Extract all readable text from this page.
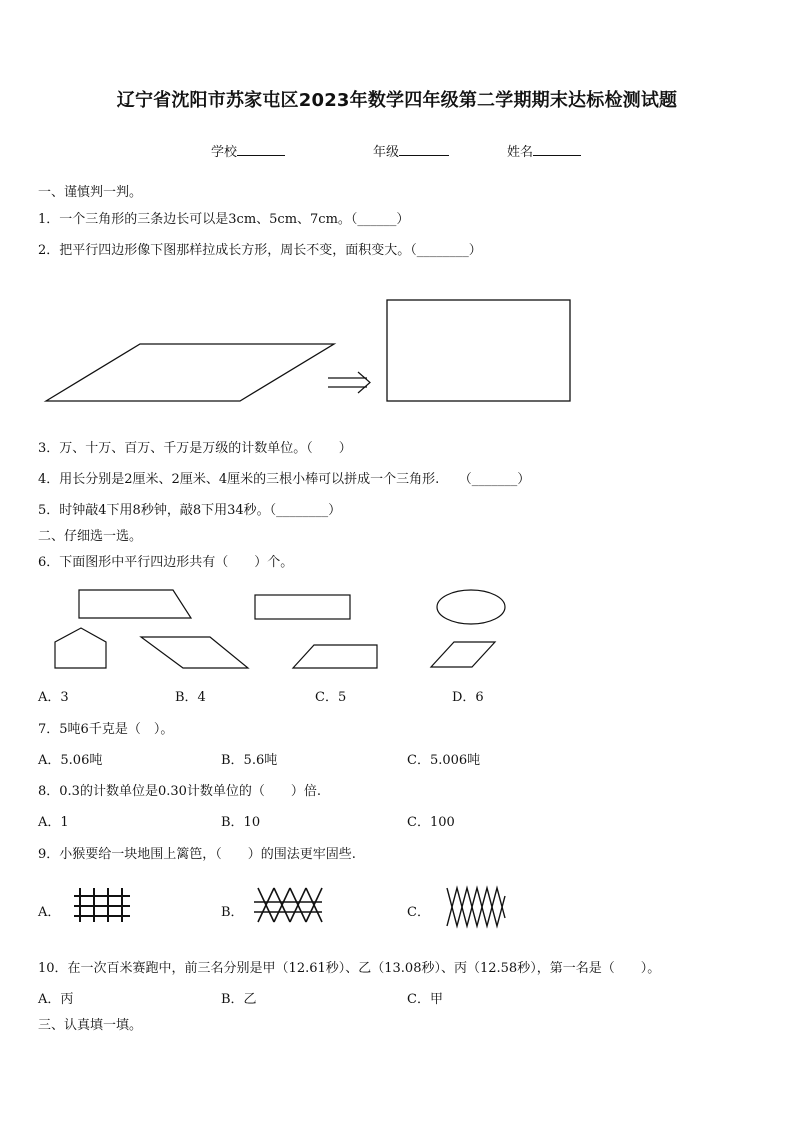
辽宁省沈阳市苏家屯区2023年数学四年级第二学期期末达标检测试题
学校	年级	姓名
一、谨慎判一判。
1．一个三角形的三条边长可以是3cm、5cm、7cm。（______）
2．把平行四边形像下图那样拉成长方形，周长不变，面积变大。（________）
3．万、十万、百万、千万是万级的计数单位。（　　）
4．用长分别是2厘米、2厘米、4厘米的三根小棒可以拼成一个三角形.　　（_______）
5．时钟敲4下用8秒钟，敲8下用34秒。（________）
二、仔细选一选。
6．下面图形中平行四边形共有（　　）个。
A．3	B．4	C．5	D．6
7．5吨6千克是（　）。
A．5.06吨	B．5.6吨	C．5.006吨
8．0.3的计数单位是0.30计数单位的（　　）倍.
A．1	B．10	C．100
9．小猴要给一块地围上篱笆，（　　）的围法更牢固些.
A．	B．	C．
10．在一次百米赛跑中，前三名分别是甲（12.61秒）、乙（13.08秒）、丙（12.58秒），第一名是（　　）。
A．丙	B．乙	C．甲
三、认真填一填。
